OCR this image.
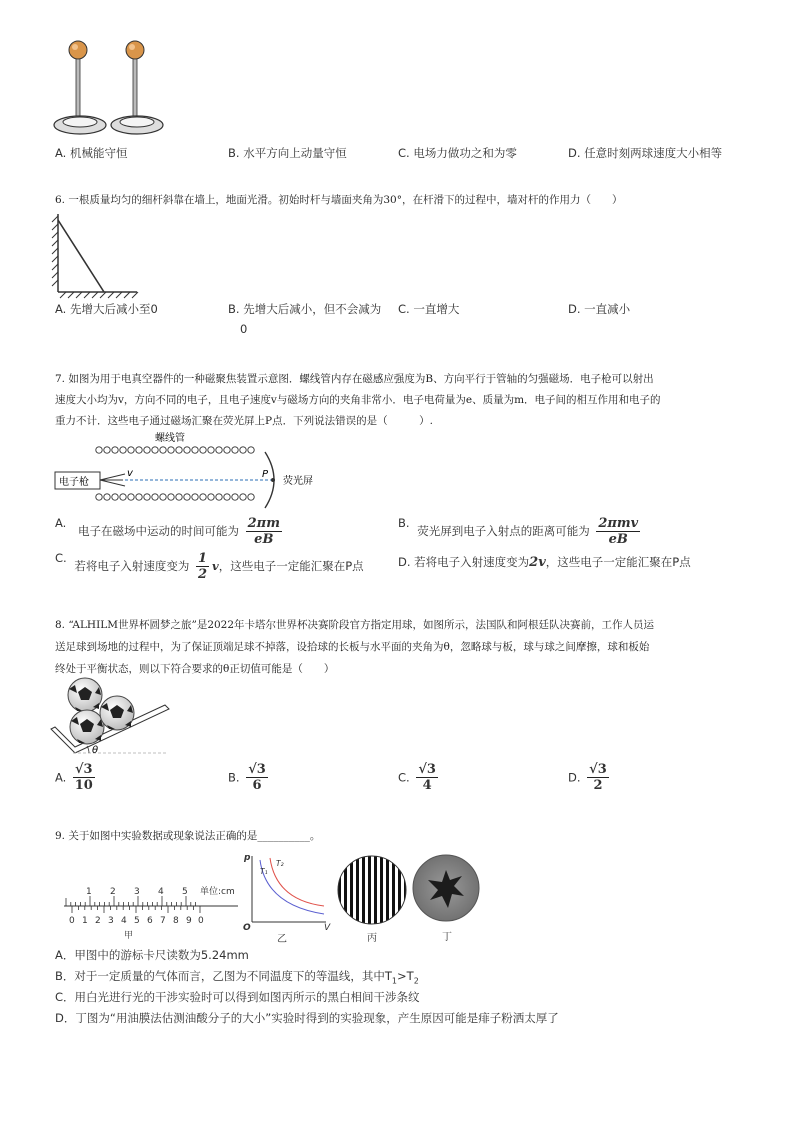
A. 机械能守恒	B. 水平方向上动量守恒	C. 电场力做功之和为零	D. 任意时刻两球速度大小相等
6. 一根质量均匀的细杆斜靠在墙上，地面光滑。初始时杆与墙面夹角为30°，在杆滑下的过程中，墙对杆的作用力（　　）
A. 先增大后减小至0	B. 先增大后减小，但不会减为
0
C. 一直增大	D. 一直减小
7. 如图为用于电真空器件的一种磁聚焦装置示意图．螺线管内存在磁感应强度为B、方向平行于管轴的匀强磁场．电子枪可以射出
速度大小均为v，方向不同的电子，且电子速度v与磁场方向的夹角非常小．电子电荷量为e、质量为m．电子间的相互作用和电子的
重力不计．这些电子通过磁场汇聚在荧光屏上P点．下列说法错误的是（　　　）.
螺线管
电子枪
v	P
荧光屏
A. 电子在磁场中运动的时间可能为 $\frac{2\pi m}{eB}$	B. 荧光屏到电子入射点的距离可能为 $\frac{\text{2πmv}}{eB}$
C. 若将电子入射速度变为 $\frac{1}{2}$ v，这些电子一定能汇聚在P点	D. 若将电子入射速度变为2v，这些电子一定能汇聚在P点
8. “ALHILM世界杯圆梦之旅”是2022年卡塔尔世界杯决赛阶段官方指定用球，如图所示，法国队和阿根廷队决赛前，工作人员运
送足球到场地的过程中，为了保证顶端足球不掉落，设拾球的长板与水平面的夹角为θ，忽略球与板，球与球之间摩擦，球和板始
终处于平衡状态，则以下符合要求的θ正切值可能是（　　）
θ
A. $\frac{√3}{10}$	B. $\frac{√3}{6}$	C. $\frac{√3}{4}$	D. $\frac{√3}{2}$
9. 关于如图中实验数据或现象说法正确的是__________。
1 2 3 4 5 单位:cm
0 1 2 3 4 5 6 7 8 9 0
甲
p
V
O
T₁
T₂
乙	丙	丁
A．甲图中的游标卡尺读数为5.24mm
B．对于一定质量的气体而言，乙图为不同温度下的等温线，其中$T_1>T_2$
C．用白光进行光的干涉实验时可以得到如图丙所示的黑白相间干涉条纹
D．丁图为“用油膜法估测油酸分子的大小”实验时得到的实验现象，产生原因可能是痱子粉洒太厚了
